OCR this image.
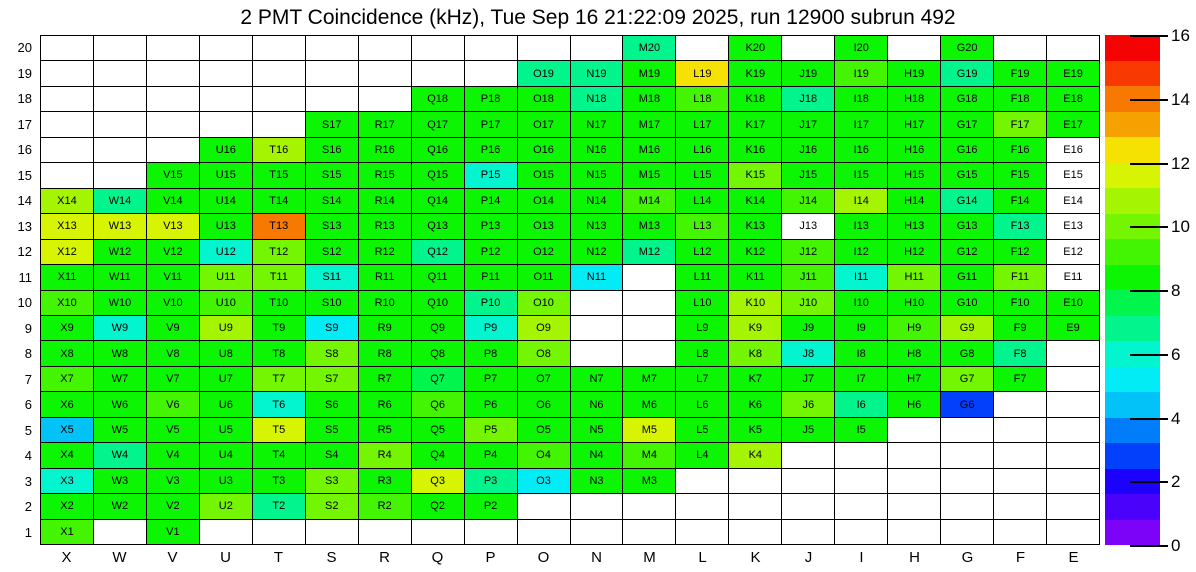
2 PMT Coincidence (kHz), Tue Sep 16 21:22:09 2025, run 12900 subrun 492
M20	K20	I20	G20
O19	N19	M19	L19	K19	J19	I19	H19	G19	F19	E19
Q18	P18	O18	N18	M18	L18	K18	J18	I18	H18	G18	F18	E18
S17	R17	Q17	P17	O17	N17	M17	L17	K17	J17	I17	H17	G17	F17	E17
U16	T16	S16	R16	Q16	P16	O16	N16	M16	L16	K16	J16	I16	H16	G16	F16	E16
V15	U15	T15	S15	R15	Q15	P15	O15	N15	M15	L15	K15	J15	I15	H15	G15	F15	E15
X14	W14	V14	U14	T14	S14	R14	Q14	P14	O14	N14	M14	L14	K14	J14	I14	H14	G14	F14	E14
X13	W13	V13	U13	T13	S13	R13	Q13	P13	O13	N13	M13	L13	K13	J13	I13	H13	G13	F13	E13
X12	W12	V12	U12	T12	S12	R12	Q12	P12	O12	N12	M12	L12	K12	J12	I12	H12	G12	F12	E12
X11	W11	V11	U11	T11	S11	R11	Q11	P11	O11	N11	L11	K11	J11	I11	H11	G11	F11	E11
X10	W10	V10	U10	T10	S10	R10	Q10	P10	O10	L10	K10	J10	I10	H10	G10	F10	E10
X9	W9	V9	U9	T9	S9	R9	Q9	P9	O9	L9	K9	J9	I9	H9	G9	F9	E9
X8	W8	V8	U8	T8	S8	R8	Q8	P8	O8	L8	K8	J8	I8	H8	G8	F8
X7	W7	V7	U7	T7	S7	R7	Q7	P7	O7	N7	M7	L7	K7	J7	I7	H7	G7	F7
X6	W6	V6	U6	T6	S6	R6	Q6	P6	O6	N6	M6	L6	K6	J6	I6	H6	G6
X5	W5	V5	U5	T5	S5	R5	Q5	P5	O5	N5	M5	L5	K5	J5	I5
X4	W4	V4	U4	T4	S4	R4	Q4	P4	O4	N4	M4	L4	K4
X3	W3	V3	U3	T3	S3	R3	Q3	P3	O3	N3	M3
X2	W2	V2	U2	T2	S2	R2	Q2	P2
X1	V1
20
19
18
17
16
15
14
13
12
11
10
9
8
7
6
5
4
3
2
1
X	W	V	U	T	S	R	Q	P	O	N	M	L	K	J	I	H	G	F	E
0
2
4
6
8
10
12
14
16
